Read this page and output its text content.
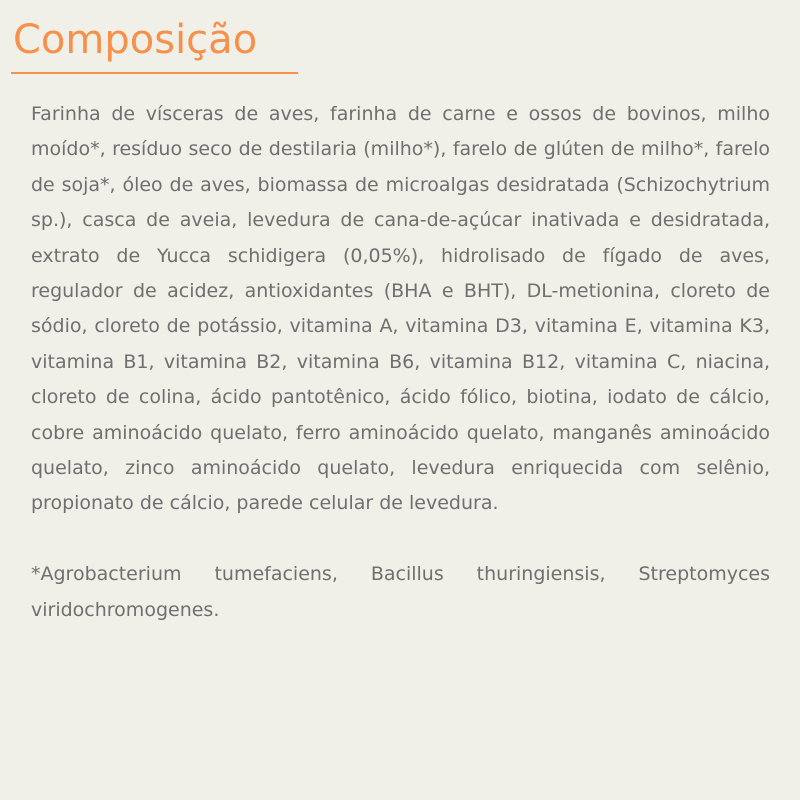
Composição

Farinha de vísceras de aves, farinha de carne e ossos de bovinos, milho moído*, resíduo seco de destilaria (milho*), farelo de glúten de milho*, farelo de soja*, óleo de aves, biomassa de microalgas desidratada (Schizochytrium sp.), casca de aveia, levedura de cana-de-açúcar inativada e desidratada, extrato de Yucca schidigera (0,05%), hidrolisado de fígado de aves, regulador de acidez, antioxidantes (BHA e BHT), DL-metionina, cloreto de sódio, cloreto de potássio, vitamina A, vitamina D3, vitamina E, vitamina K3, vitamina B1, vitamina B2, vitamina B6, vitamina B12, vitamina C, niacina, cloreto de colina, ácido pantotênico, ácido fólico, biotina, iodato de cálcio, cobre aminoácido quelato, ferro aminoácido quelato, manganês aminoácido quelato, zinco aminoácido quelato, levedura enriquecida com selênio, propionato de cálcio, parede celular de levedura.

*Agrobacterium tumefaciens, Bacillus thuringiensis, Streptomyces viridochromogenes.
